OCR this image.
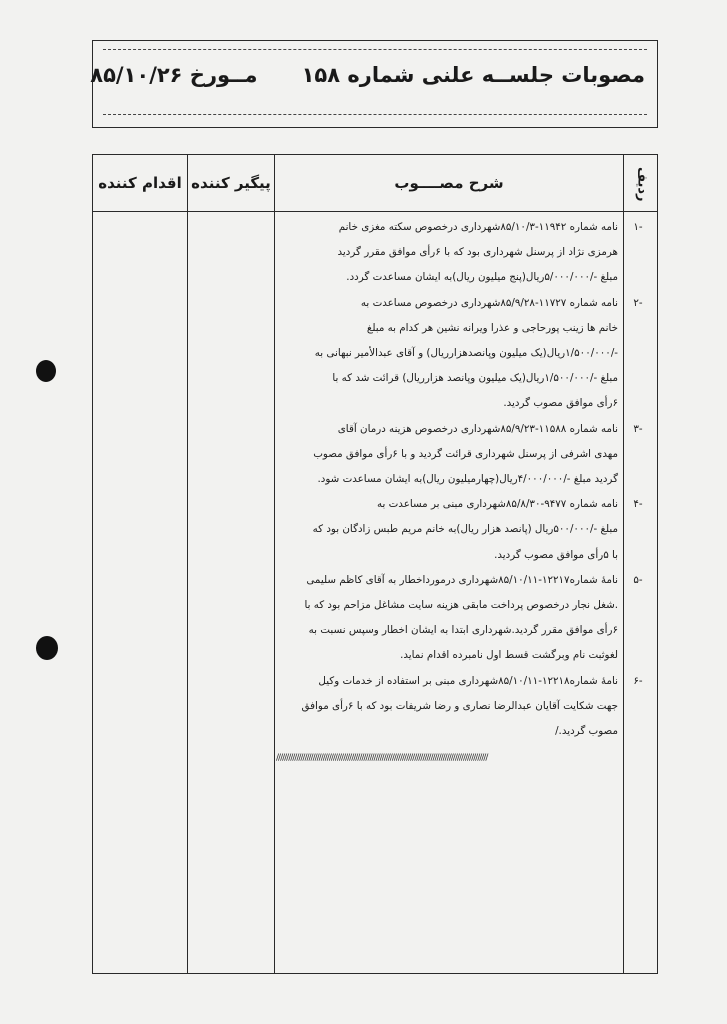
مصوبات جلســه علنی شماره ۱۵۸
مــورخ ۸۵/۱۰/۲۶
اقدام کننده پیگیر کننده	شرح مصــــوب	ردیف
-۱
-۲
-۳
-۴
-۵
-۶
نامه شماره ۱۱۹۴۲-۸۵/۱۰/۳شهرداری درخصوص سکته مغزی خانم
هرمزی نژاد از پرسنل شهرداری بود که با ۶رأی موافق مقرر گردید
مبلغ -/۵/۰۰۰/۰۰۰ریال(پنج میلیون ریال)به ایشان مساعدت گردد.
نامه شماره ۱۱۷۲۷-۸۵/۹/۲۸شهرداری درخصوص مساعدت به
خانم ها زینب پورحاجی و عذرا ویرانه نشین هر کدام به مبلغ
-/۱/۵۰۰/۰۰۰ریال(یک میلیون وپانصدهزارریال) و آقای عبدالأمیر نبهانی به
مبلغ -/۱/۵۰۰/۰۰۰ریال(یک میلیون وپانصد هزارریال) قرائت شد که با
۶رأی موافق مصوب گردید.
نامه شماره ۱۱۵۸۸-۸۵/۹/۲۳شهرداری درخصوص هزینه درمان آقای
مهدی اشرفی از پرسنل شهرداری قرائت گردید و با ۶رأی موافق مصوب
گردید مبلغ -/۴/۰۰۰/۰۰۰ریال(چهارمیلیون ریال)به ایشان مساعدت شود.
نامه شماره ۹۴۷۷-۸۵/۸/۳۰شهرداری مبنی بر مساعدت به
مبلغ -/۵۰۰/۰۰۰ریال (پانصد هزار ریال)به خانم مریم طبس زادگان بود که
با ۵رأی موافق مصوب گردید.
نامهٔ شماره۱۲۲۱۷-۸۵/۱۰/۱۱شهرداری درمورداخطار به آقای کاظم سلیمی
.شغل نجار درخصوص پرداخت مابقی هزینه سایت مشاغل مزاحم بود که با
۶رأی موافق مقرر گردید.شهرداری ابتدا به ایشان اخطار وسپس نسبت به
لغوثبت نام وبرگشت قسط اول نامبرده اقدام نماید.
نامهٔ شماره۱۲۲۱۸-۸۵/۱۰/۱۱شهرداری مبنی بر استفاده از خدمات وکیل
جهت شکایت آقایان عبدالرضا نصاری و رضا شریفات بود که با ۶رأی موافق
مصوب گردید./
////////////////////////////////////////////////////////////////////////////////////////////////////////
